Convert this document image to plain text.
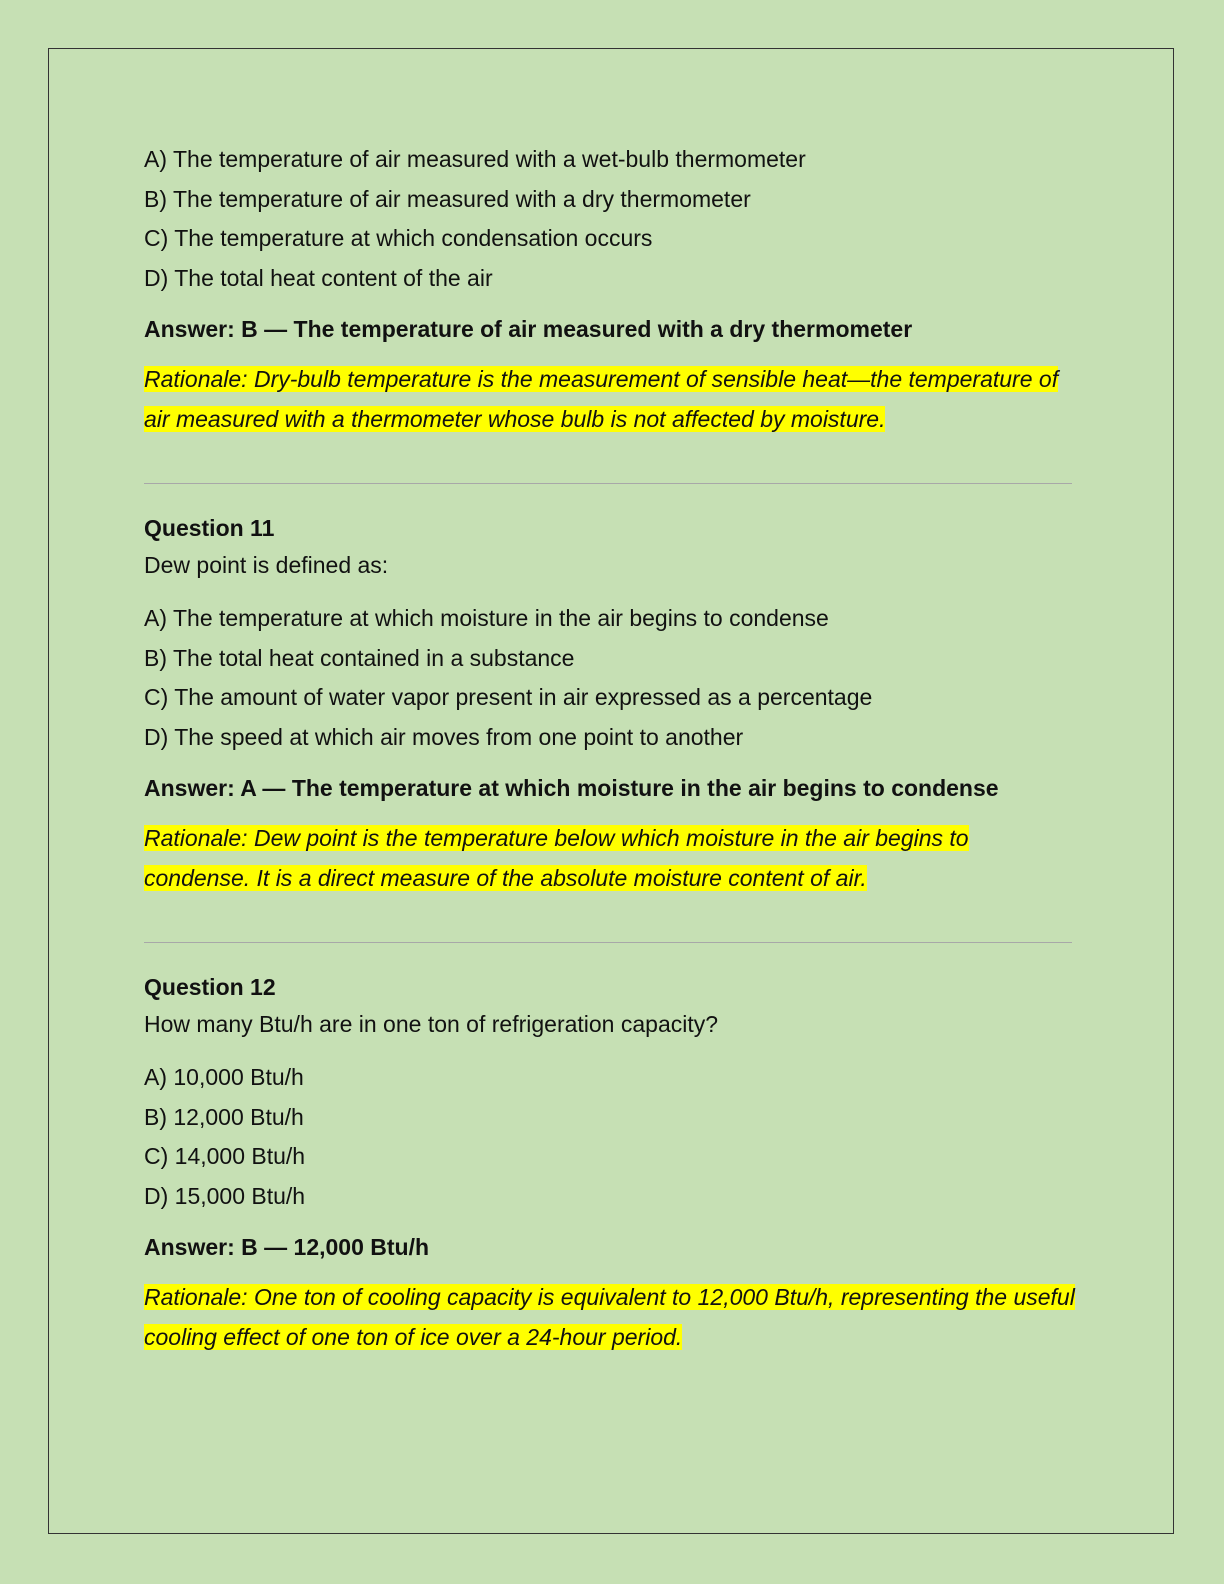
A) The temperature of air measured with a wet-bulb thermometer

B) The temperature of air measured with a dry thermometer

C) The temperature at which condensation occurs

D) The total heat content of the air

Answer: B — The temperature of air measured with a dry thermometer

Rationale: Dry-bulb temperature is the measurement of sensible heat—the temperature of air measured with a thermometer whose bulb is not affected by moisture.

Question 11

Dew point is defined as:

A) The temperature at which moisture in the air begins to condense

B) The total heat contained in a substance

C) The amount of water vapor present in air expressed as a percentage

D) The speed at which air moves from one point to another

Answer: A — The temperature at which moisture in the air begins to condense

Rationale: Dew point is the temperature below which moisture in the air begins to condense. It is a direct measure of the absolute moisture content of air.

Question 12

How many Btu/h are in one ton of refrigeration capacity?

A) 10,000 Btu/h

B) 12,000 Btu/h

C) 14,000 Btu/h

D) 15,000 Btu/h

Answer: B — 12,000 Btu/h

Rationale: One ton of cooling capacity is equivalent to 12,000 Btu/h, representing the useful cooling effect of one ton of ice over a 24-hour period.
